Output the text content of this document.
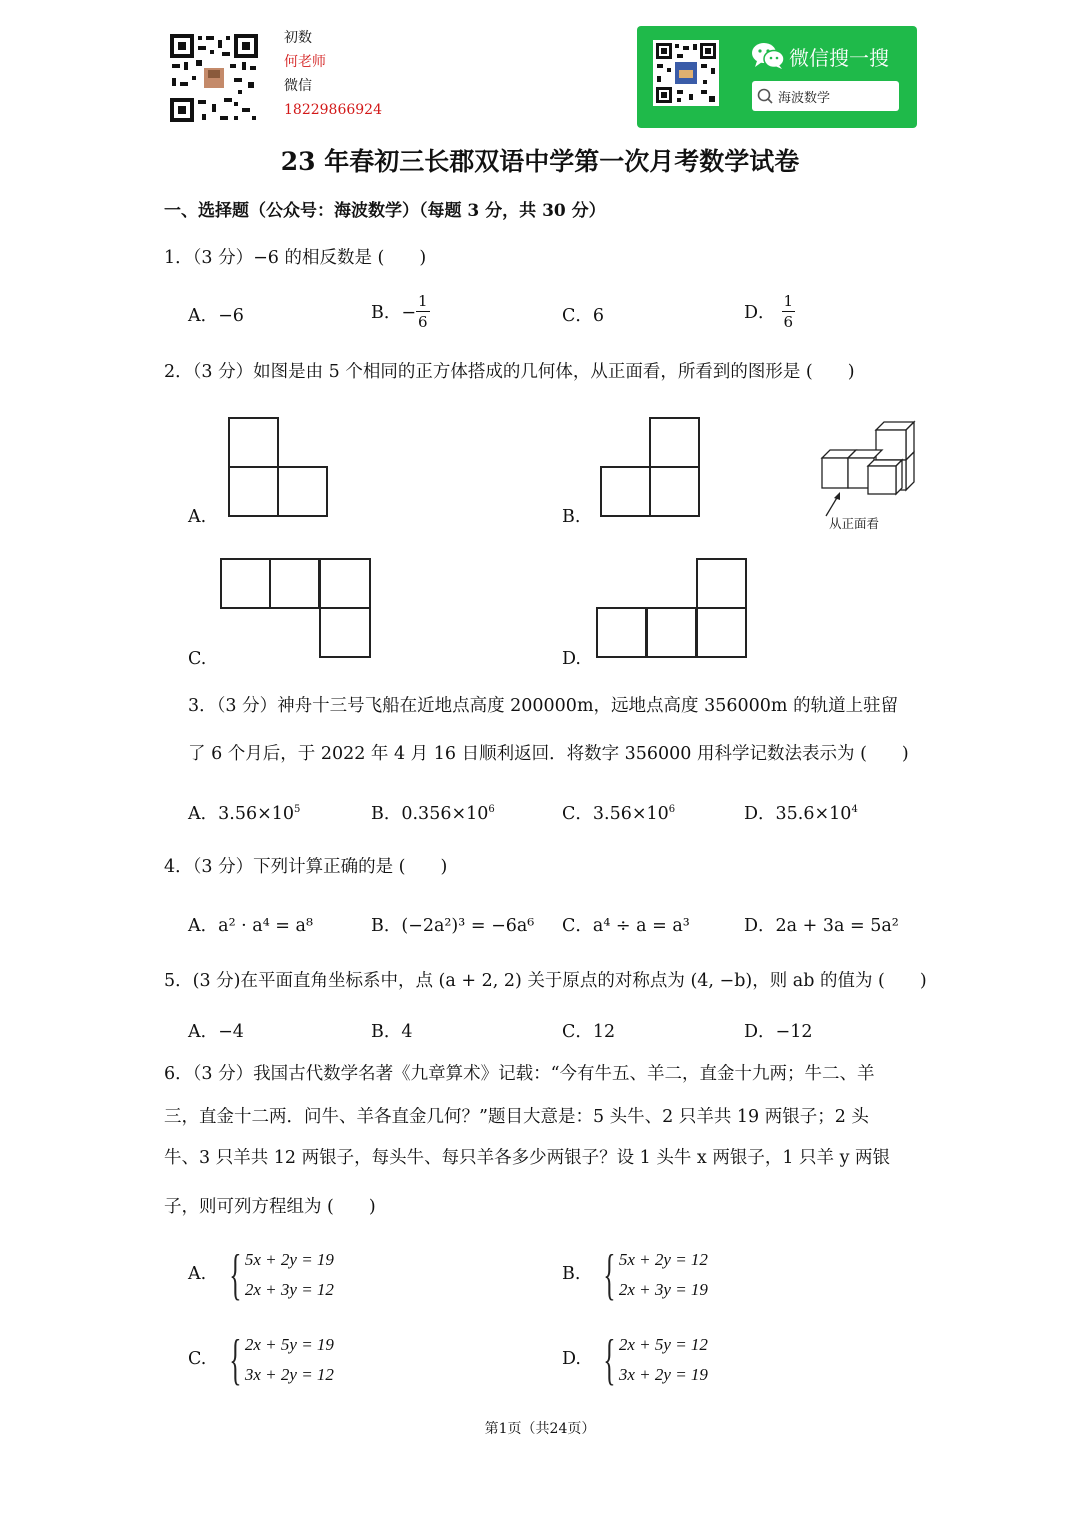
初数
何老师
微信
18229866924
微信搜一搜
海波数学
23 年春初三长郡双语中学第一次月考数学试卷
一、选择题（公众号：海波数学）（每题 3 分，共 30 分）
1．（3 分）−6 的相反数是 (　　)
A．−6	B．− $\frac{1}{6}$	C．6	D． $\frac{1}{6}$
2．（3 分）如图是由 5 个相同的正方体搭成的几何体，从正面看，所看到的图形是 (　　)
A.	B.	从正面看
C.	D.
3．（3 分）神舟十三号飞船在近地点高度 200000m，远地点高度 356000m 的轨道上驻留
了 6 个月后，于 2022 年 4 月 16 日顺利返回．将数字 356000 用科学记数法表示为 (　　)
A．$3.56\times 10^5$	B．$0.356\times 10^6$	C．$3.56\times 10^6$	D．$35.6\times 10^4$
4．（3 分）下列计算正确的是 (　　)
A．a² · a⁴ = a⁸	B．(−2a²)³ = −6a⁶ C．a⁴ ÷ a = a³	D．2a + 3a = 5a²
5．(3 分)在平面直角坐标系中，点 (a + 2, 2) 关于原点的对称点为 (4, −b)，则 ab 的值为 (　　)
A．−4	B．4	C．12	D．−12
6．（3 分）我国古代数学名著《九章算术》记载：“今有牛五、羊二，直金十九两；牛二、羊
三，直金十二两．问牛、羊各直金几何？”题目大意是：5 头牛、2 只羊共 19 两银子；2 头
牛、3 只羊共 12 两银子，每头牛、每只羊各多少两银子？设 1 头牛 x 两银子，1 只羊 y 两银
子，则可列方程组为 (　　)
A. { 5x + 2y = 19
2x + 3y = 12
B. { 5x + 2y = 12
2x + 3y = 19
C. { 2x + 5y = 19
3x + 2y = 12
D. { 2x + 5y = 12
3x + 2y = 19
第1页（共24页）
